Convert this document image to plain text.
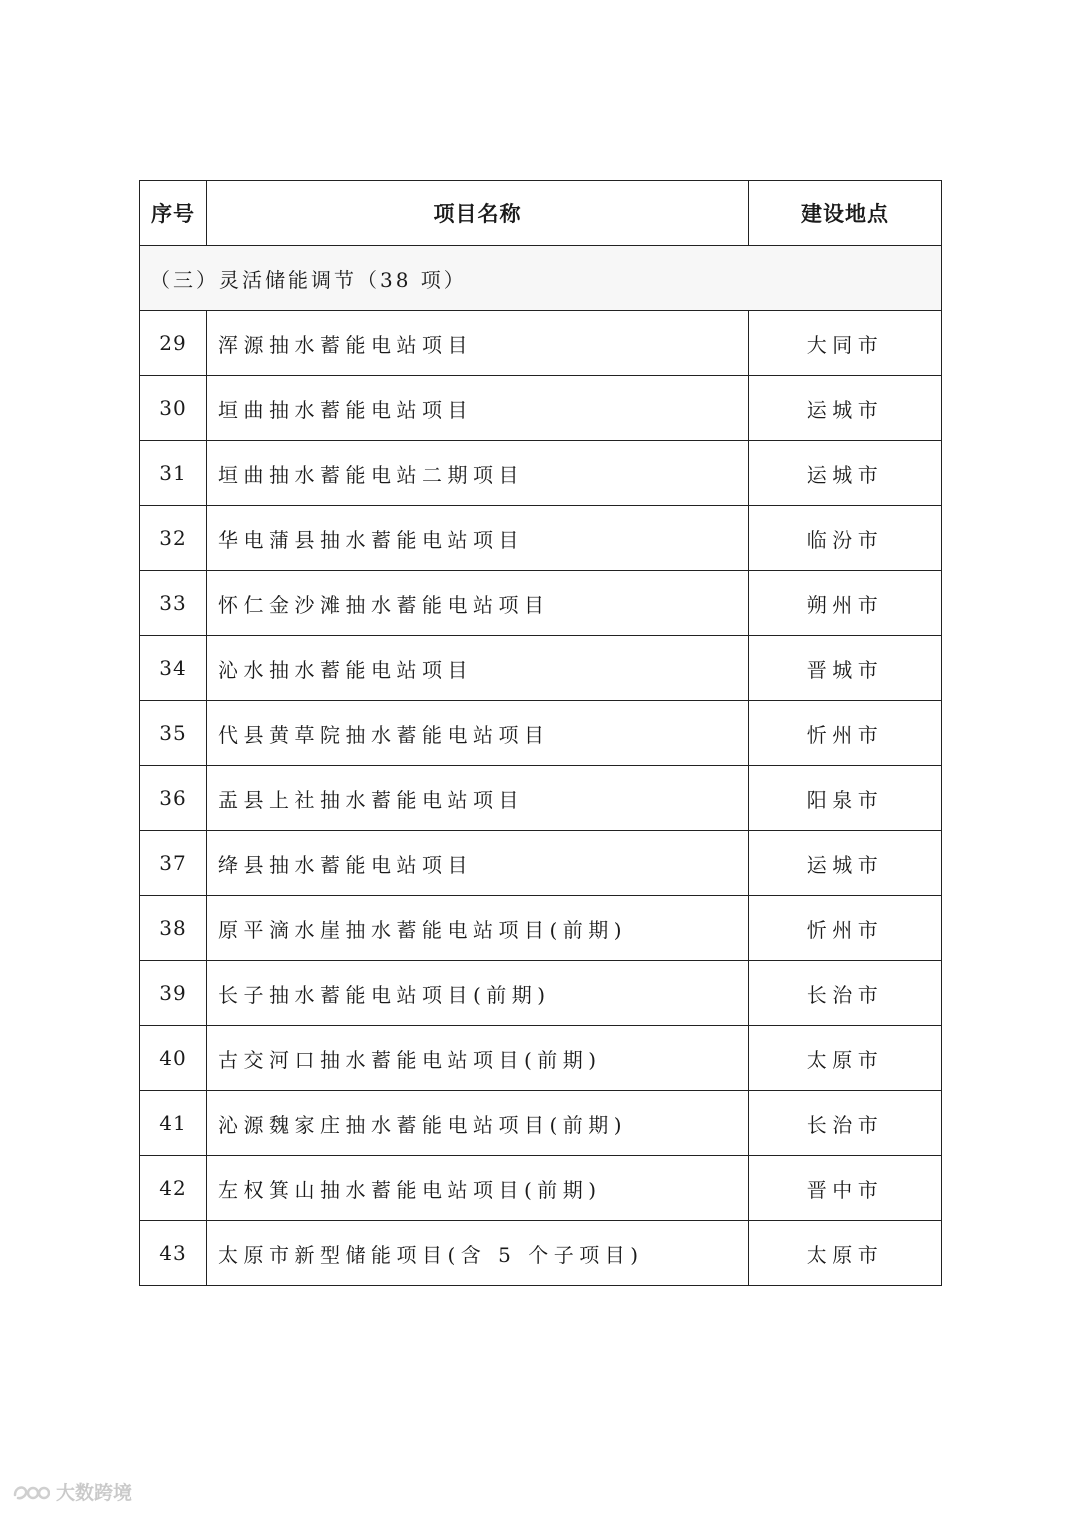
序号	项目名称	建设地点
（三）灵活储能调节（38 项）		
29	浑源抽水蓄能电站项目	大同市
30	垣曲抽水蓄能电站项目	运城市
31	垣曲抽水蓄能电站二期项目	运城市
32	华电蒲县抽水蓄能电站项目	临汾市
33	怀仁金沙滩抽水蓄能电站项目	朔州市
34	沁水抽水蓄能电站项目	晋城市
35	代县黄草院抽水蓄能电站项目	忻州市
36	盂县上社抽水蓄能电站项目	阳泉市
37	绛县抽水蓄能电站项目	运城市
38	原平滴水崖抽水蓄能电站项目(前期)	忻州市
39	长子抽水蓄能电站项目(前期)	长治市
40	古交河口抽水蓄能电站项目(前期)	太原市
41	沁源魏家庄抽水蓄能电站项目(前期)	长治市
42	左权箕山抽水蓄能电站项目(前期)	晋中市
43	太原市新型储能项目(含 5 个子项目)	太原市
大数跨境
